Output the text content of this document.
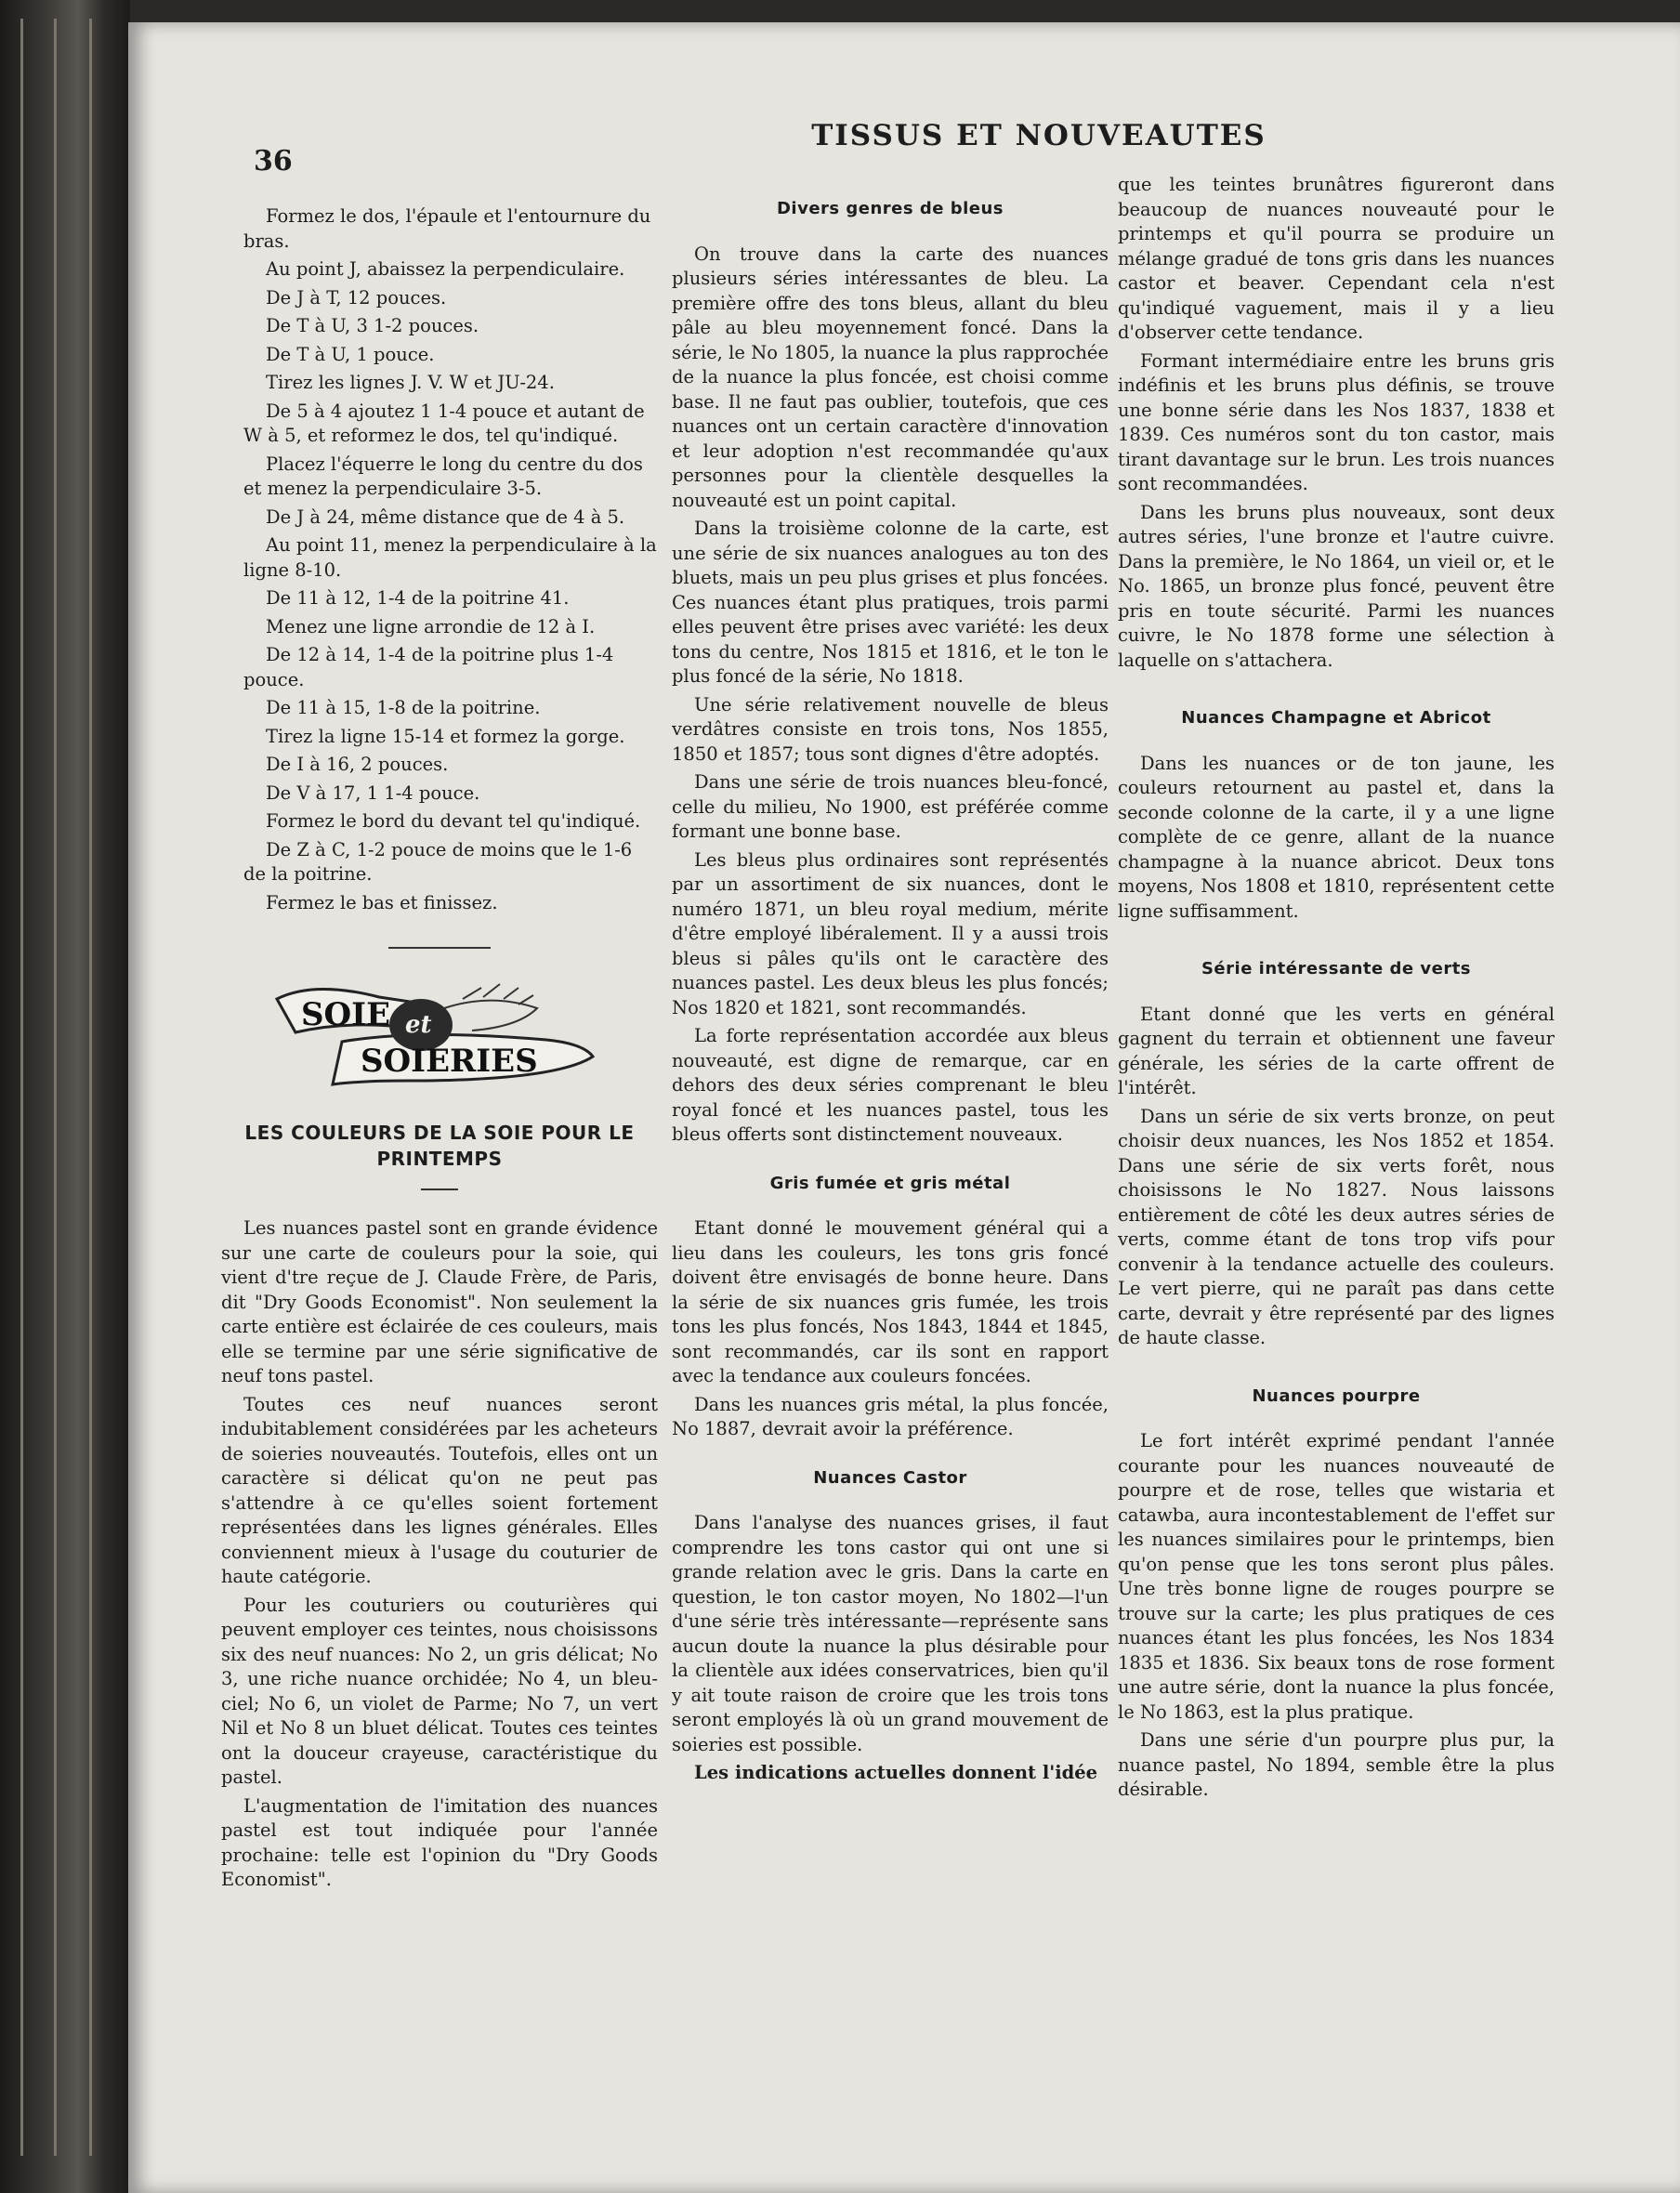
36
TISSUS ET NOUVEAUTES

Formez le dos, l'épaule et l'entournure du bras.

Au point J, abaissez la perpendiculaire.

De J à T, 12 pouces.

De T à U, 3 1-2 pouces.

De T à U, 1 pouce.

Tirez les lignes J. V. W et JU-24.

De 5 à 4 ajoutez 1 1-4 pouce et autant de W à 5, et reformez le dos, tel qu'indiqué.

Placez l'équerre le long du centre du dos et menez la perpendiculaire 3-5.

De J à 24, même distance que de 4 à 5.

Au point 11, menez la perpendiculaire à la ligne 8-10.

De 11 à 12, 1-4 de la poitrine 41.

Menez une ligne arrondie de 12 à I.

De 12 à 14, 1-4 de la poitrine plus 1-4 pouce.

De 11 à 15, 1-8 de la poitrine.

Tirez la ligne 15-14 et formez la gorge.

De I à 16, 2 pouces.

De V à 17, 1 1-4 pouce.

Formez le bord du devant tel qu'indiqué.

De Z à C, 1-2 pouce de moins que le 1-6 de la poitrine.

Fermez le bas et finissez.

SOIE et
SOIERIES
LES COULEURS DE LA SOIE POUR LE PRINTEMPS

Les nuances pastel sont en grande évidence sur une carte de couleurs pour la soie, qui vient d'tre reçue de J. Claude Frère, de Paris, dit "Dry Goods Economist". Non seulement la carte entière est éclairée de ces couleurs, mais elle se termine par une série significative de neuf tons pastel.

Toutes ces neuf nuances seront indubitablement considérées par les acheteurs de soieries nouveautés. Toutefois, elles ont un caractère si délicat qu'on ne peut pas s'attendre à ce qu'elles soient fortement représentées dans les lignes générales. Elles conviennent mieux à l'usage du couturier de haute catégorie.

Pour les couturiers ou couturières qui peuvent employer ces teintes, nous choisissons six des neuf nuances: No 2, un gris délicat; No 3, une riche nuance orchidée; No 4, un bleu-ciel; No 6, un violet de Parme; No 7, un vert Nil et No 8 un bluet délicat. Toutes ces teintes ont la douceur crayeuse, caractéristique du pastel.

L'augmentation de l'imitation des nuances pastel est tout indiquée pour l'année prochaine: telle est l'opinion du "Dry Goods Economist".

Divers genres de bleus

On trouve dans la carte des nuances plusieurs séries intéressantes de bleu. La première offre des tons bleus, allant du bleu pâle au bleu moyennement foncé. Dans la série, le No 1805, la nuance la plus rapprochée de la nuance la plus foncée, est choisi comme base. Il ne faut pas oublier, toutefois, que ces nuances ont un certain caractère d'innovation et leur adoption n'est recommandée qu'aux personnes pour la clientèle desquelles la nouveauté est un point capital.

Dans la troisième colonne de la carte, est une série de six nuances analogues au ton des bluets, mais un peu plus grises et plus foncées. Ces nuances étant plus pratiques, trois parmi elles peuvent être prises avec variété: les deux tons du centre, Nos 1815 et 1816, et le ton le plus foncé de la série, No 1818.

Une série relativement nouvelle de bleus verdâtres consiste en trois tons, Nos 1855, 1850 et 1857; tous sont dignes d'être adoptés.

Dans une série de trois nuances bleu-foncé, celle du milieu, No 1900, est préférée comme formant une bonne base.

Les bleus plus ordinaires sont représentés par un assortiment de six nuances, dont le numéro 1871, un bleu royal medium, mérite d'être employé libéralement. Il y a aussi trois bleus si pâles qu'ils ont le caractère des nuances pastel. Les deux bleus les plus foncés; Nos 1820 et 1821, sont recommandés.

La forte représentation accordée aux bleus nouveauté, est digne de remarque, car en dehors des deux séries comprenant le bleu royal foncé et les nuances pastel, tous les bleus offerts sont distinctement nouveaux.

Gris fumée et gris métal

Etant donné le mouvement général qui a lieu dans les couleurs, les tons gris foncé doivent être envisagés de bonne heure. Dans la série de six nuances gris fumée, les trois tons les plus foncés, Nos 1843, 1844 et 1845, sont recommandés, car ils sont en rapport avec la tendance aux couleurs foncées.

Dans les nuances gris métal, la plus foncée, No 1887, devrait avoir la préférence.

Nuances Castor

Dans l'analyse des nuances grises, il faut comprendre les tons castor qui ont une si grande relation avec le gris. Dans la carte en question, le ton castor moyen, No 1802—l'un d'une série très intéressante—représente sans aucun doute la nuance la plus désirable pour la clientèle aux idées conservatrices, bien qu'il y ait toute raison de croire que les trois tons seront employés là où un grand mouvement de soieries est possible.

Les indications actuelles donnent l'idée

que les teintes brunâtres figureront dans beaucoup de nuances nouveauté pour le printemps et qu'il pourra se produire un mélange gradué de tons gris dans les nuances castor et beaver. Cependant cela n'est qu'indiqué vaguement, mais il y a lieu d'observer cette tendance.

Formant intermédiaire entre les bruns gris indéfinis et les bruns plus définis, se trouve une bonne série dans les Nos 1837, 1838 et 1839. Ces numéros sont du ton castor, mais tirant davantage sur le brun. Les trois nuances sont recommandées.

Dans les bruns plus nouveaux, sont deux autres séries, l'une bronze et l'autre cuivre. Dans la première, le No 1864, un vieil or, et le No. 1865, un bronze plus foncé, peuvent être pris en toute sécurité. Parmi les nuances cuivre, le No 1878 forme une sélection à laquelle on s'attachera.

Nuances Champagne et Abricot

Dans les nuances or de ton jaune, les couleurs retournent au pastel et, dans la seconde colonne de la carte, il y a une ligne complète de ce genre, allant de la nuance champagne à la nuance abricot. Deux tons moyens, Nos 1808 et 1810, représentent cette ligne suffisamment.

Série intéressante de verts

Etant donné que les verts en général gagnent du terrain et obtiennent une faveur générale, les séries de la carte offrent de l'intérêt.

Dans un série de six verts bronze, on peut choisir deux nuances, les Nos 1852 et 1854. Dans une série de six verts forêt, nous choisissons le No 1827. Nous laissons entièrement de côté les deux autres séries de verts, comme étant de tons trop vifs pour convenir à la tendance actuelle des couleurs. Le vert pierre, qui ne paraît pas dans cette carte, devrait y être représenté par des lignes de haute classe.

Nuances pourpre

Le fort intérêt exprimé pendant l'année courante pour les nuances nouveauté de pourpre et de rose, telles que wistaria et catawba, aura incontestablement de l'effet sur les nuances similaires pour le printemps, bien qu'on pense que les tons seront plus pâles. Une très bonne ligne de rouges pourpre se trouve sur la carte; les plus pratiques de ces nuances étant les plus foncées, les Nos 1834 1835 et 1836. Six beaux tons de rose forment une autre série, dont la nuance la plus foncée, le No 1863, est la plus pratique.

Dans une série d'un pourpre plus pur, la nuance pastel, No 1894, semble être la plus désirable.
